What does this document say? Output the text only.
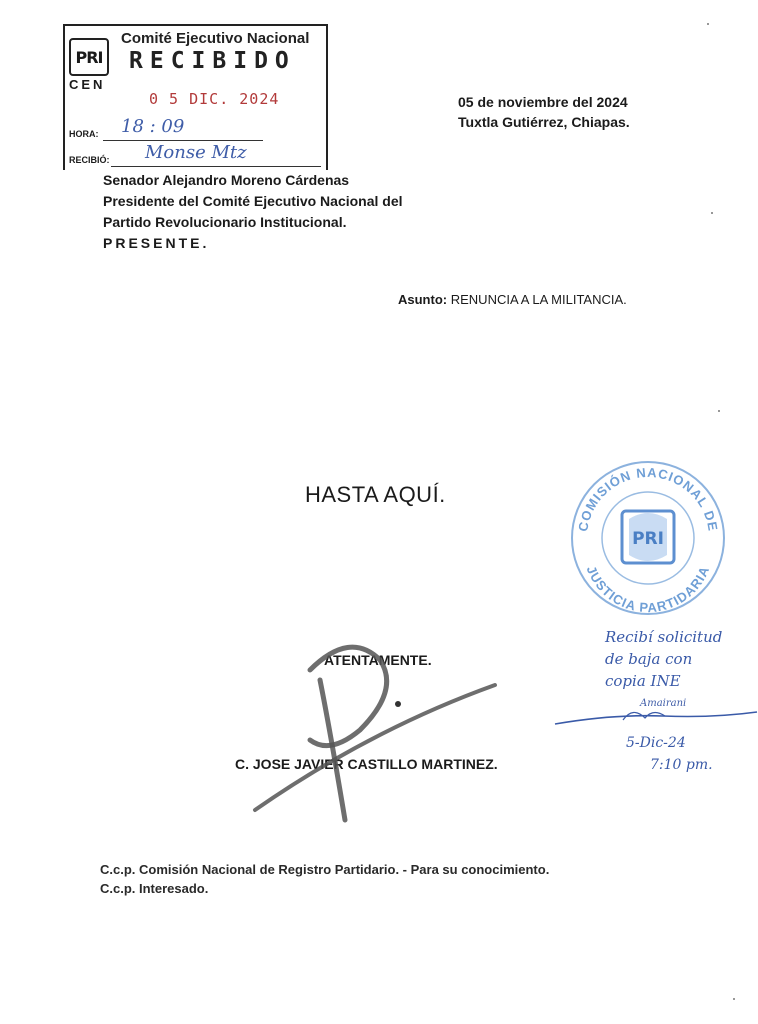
PRI
Comité Ejecutivo Nacional
RECIBIDO
CEN
0 5 DIC. 2024
HORA: 18 : 09
RECIBIÓ: Monse Mtz
05 de noviembre del 2024
Tuxtla Gutiérrez, Chiapas.
Senador Alejandro Moreno Cárdenas
Presidente del Comité Ejecutivo Nacional del
Partido Revolucionario Institucional.
PRESENTE.
Asunto: RENUNCIA A LA MILITANCIA.
HASTA AQUÍ.
COMISIÓN NACIONAL DE
JUSTICIA PARTIDARIA
PRI
Recibí solicitud
de baja con
copia INE
Amairani
5-Dic-24
7:10 pm.
ATENTAMENTE.
C. JOSE JAVIER CASTILLO MARTINEZ.
C.c.p. Comisión Nacional de Registro Partidario. - Para su conocimiento.
C.c.p. Interesado.
